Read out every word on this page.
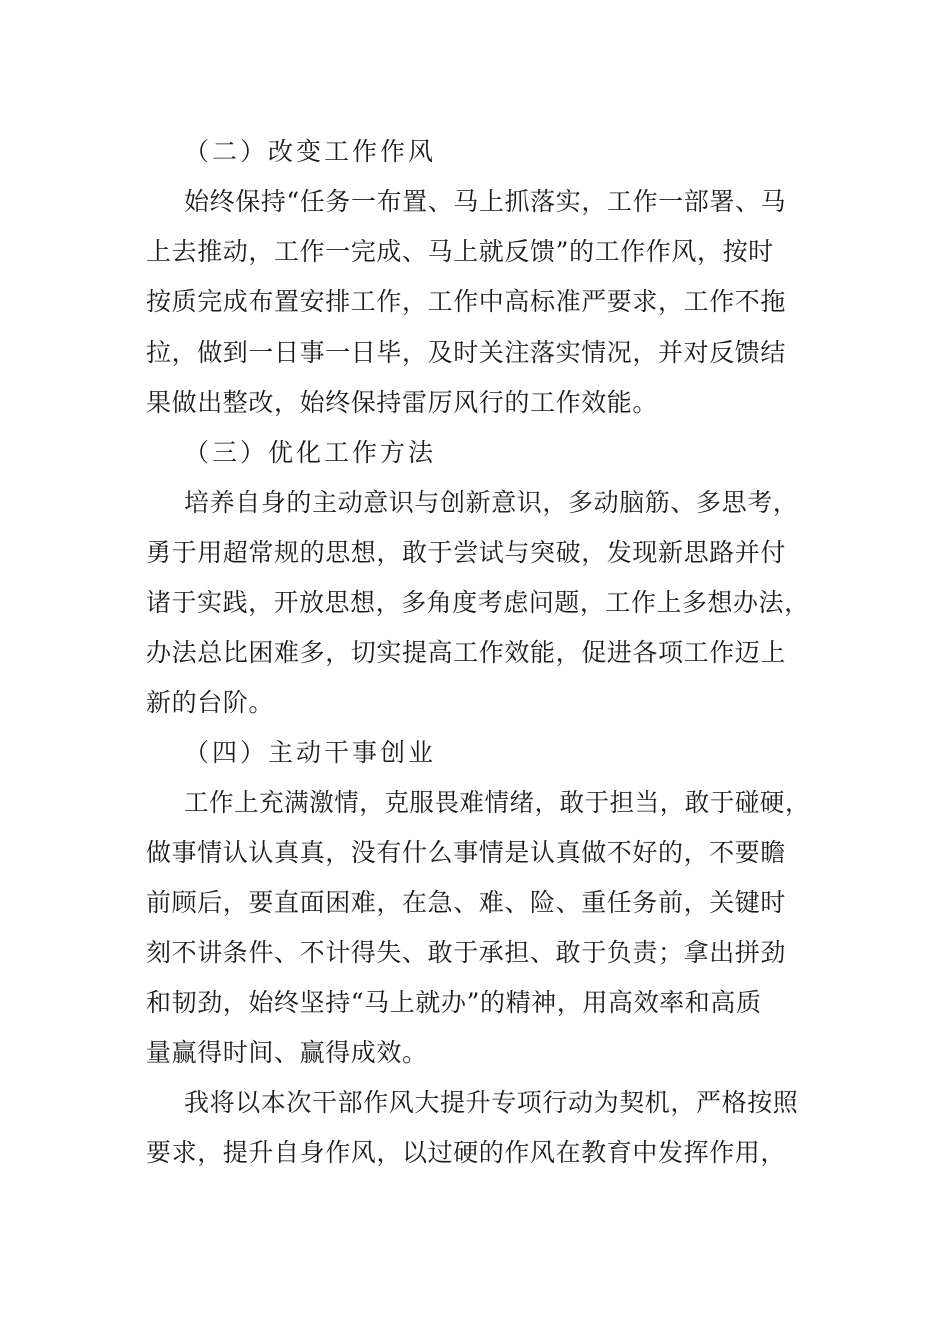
（二）改变工作作风
始终保持“任务一布置、马上抓落实，工作一部署、马
上去推动，工作一完成、马上就反馈”的工作作风，按时
按质完成布置安排工作，工作中高标准严要求，工作不拖
拉，做到一日事一日毕，及时关注落实情况，并对反馈结
果做出整改，始终保持雷厉风行的工作效能。
（三）优化工作方法
培养自身的主动意识与创新意识，多动脑筋、多思考，
勇于用超常规的思想，敢于尝试与突破，发现新思路并付
诸于实践，开放思想，多角度考虑问题，工作上多想办法，
办法总比困难多，切实提高工作效能，促进各项工作迈上
新的台阶。
（四）主动干事创业
工作上充满激情，克服畏难情绪，敢于担当，敢于碰硬，
做事情认认真真，没有什么事情是认真做不好的，不要瞻
前顾后，要直面困难，在急、难、险、重任务前，关键时
刻不讲条件、不计得失、敢于承担、敢于负责；拿出拼劲
和韧劲，始终坚持“马上就办”的精神，用高效率和高质
量赢得时间、赢得成效。
我将以本次干部作风大提升专项行动为契机，严格按照
要求，提升自身作风，以过硬的作风在教育中发挥作用，
